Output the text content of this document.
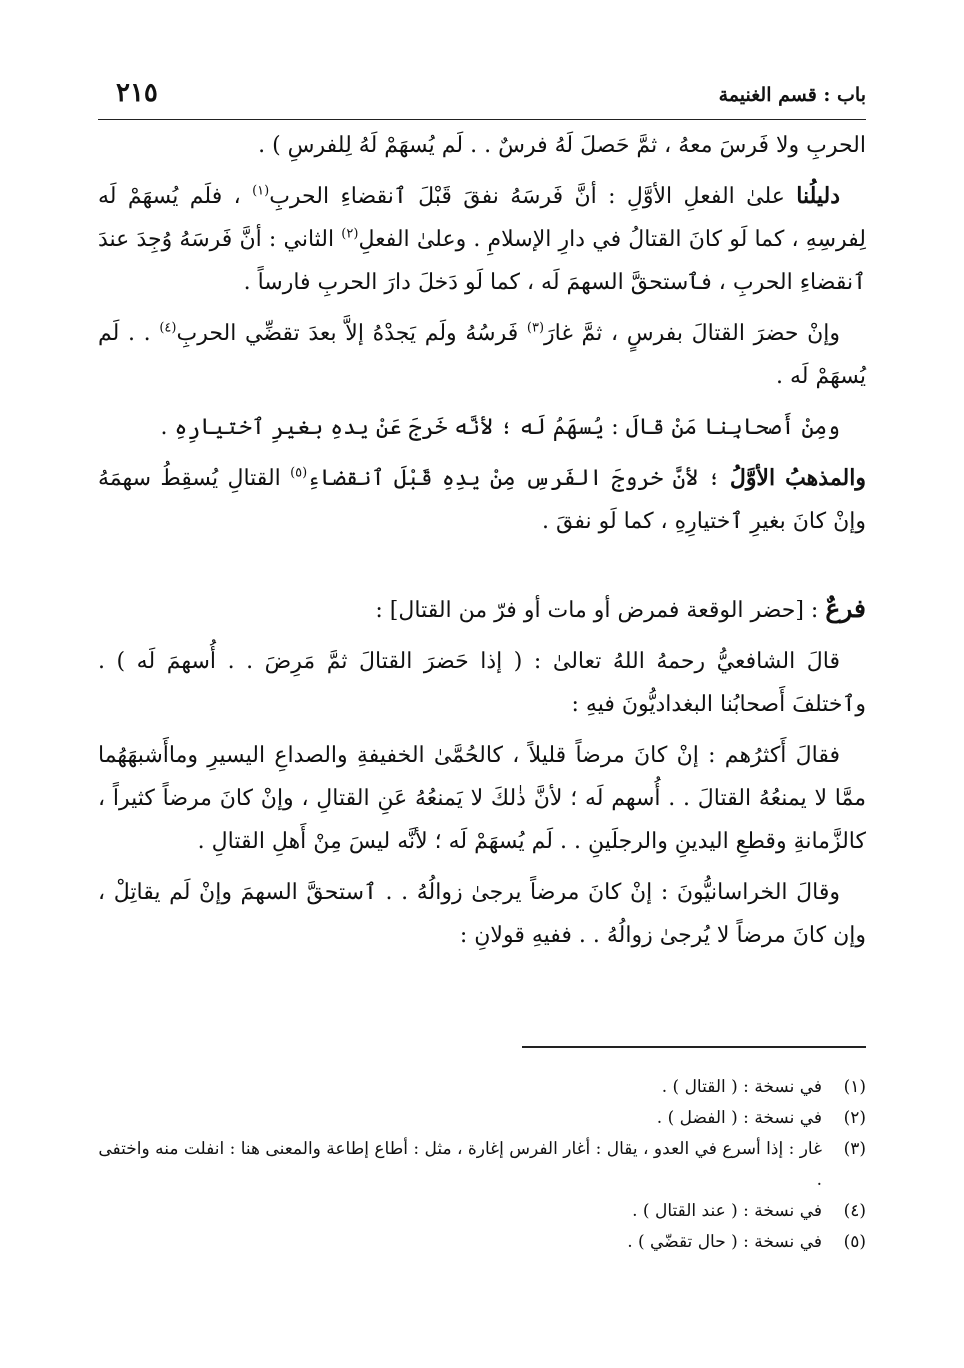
باب : قسم الغنيمة
٢١٥

الحربِ ولا فَرسَ معهُ ، ثمَّ حَصلَ لَهُ فرسٌ . . لَم يُسهَمْ لَهُ لِلفرسِ ) .

دليلُنا علىٰ الفعلِ الأوَّلِ : أنَّ فَرسَهُ نفقَ قَبْلَ ٱنقضاءِ الحربِ$^{(١)}$ ، فلَم يُسهَمْ لَه لِفرسِهِ ، كما لَو كانَ القتالُ في دارِ الإسلامِ . وعلىٰ الفعلِ$^{(٢)}$ الثاني : أنَّ فَرسَهُ وُجِدَ عندَ ٱنقضاءِ الحربِ ، فٱستحقَّ السهمَ لَه ، كما لَو دَخلَ دارَ الحربِ فارساً .

وإنْ حضرَ القتالَ بفرسٍ ، ثمَّ غارَ$^{(٣)}$ فَرسُهُ ولَم يَجدْهُ إلاَّ بعدَ تقضِّي الحربِ$^{(٤)}$ . . لَم يُسهَمْ لَه .

ومِنْ أَصحابِنا مَنْ قالَ : يُسهَمُ لَه ؛ لأنَّه خَرجَ عَنْ يدهِ بغيرِ ٱختيارِهِ .

والمذهبُ الأوَّلُ ؛ لأنَّ خروجَ الفَرسِ مِنْ يدِهِ قَبْلَ ٱنقضاءِ$^{(٥)}$ القتالِ يُسقِطُ سهمَهُ وإنْ كانَ بغيرِ ٱختيارِهِ ، كما لَو نفقَ .

فرعٌ : [حضر الوقعة فمرض أو مات أو فرّ من القتال] :

قالَ الشافعيُّ رحمهُ اللهُ تعالىٰ : ( إذا حَضرَ القتالَ ثمَّ مَرِضَ . . أُسهمَ لَه ) . وٱختلفَ أَصحابُنا البغداديُّونَ فيهِ :

فقالَ أَكثرُهم : إنْ كانَ مرضاً قليلاً ، كالحُمَّىٰ الخفيفةِ والصداعِ اليسيرِ وماأَشبهَهُما ممَّا لا يمنعُهُ القتالَ . . أُسهم لَه ؛ لأنَّ ذٰلكَ لا يَمنعُهُ عَنِ القتالِ ، وإنْ كانَ مرضاً كثيراً ، كالزَّمانةِ وقطعِ اليدينِ والرجلَينِ . . لَم يُسهَمْ لَه ؛ لأنَّه ليسَ مِنْ أَهلِ القتالِ .

وقالَ الخراسانيُّونَ : إنْ كانَ مرضاً يرجىٰ زوالُهُ . . ٱستحقَّ السهمَ وإنْ لَم يقاتِلْ ، وإن كانَ مرضاً لا يُرجىٰ زوالُهُ . . ففيهِ قولانِ :

(١)
في نسخة : ( القتال ) .
(٢)
في نسخة : ( الفضل ) .
(٣)
غار : إذا أسرع في العدو ، يقال : أغار الفرس إغارة ، مثل : أطاع إطاعة والمعنى هنا : انفلت منه واختفى .
(٤)
في نسخة : ( عند القتال ) .
(٥)
في نسخة : ( حال تقضّي ) .
